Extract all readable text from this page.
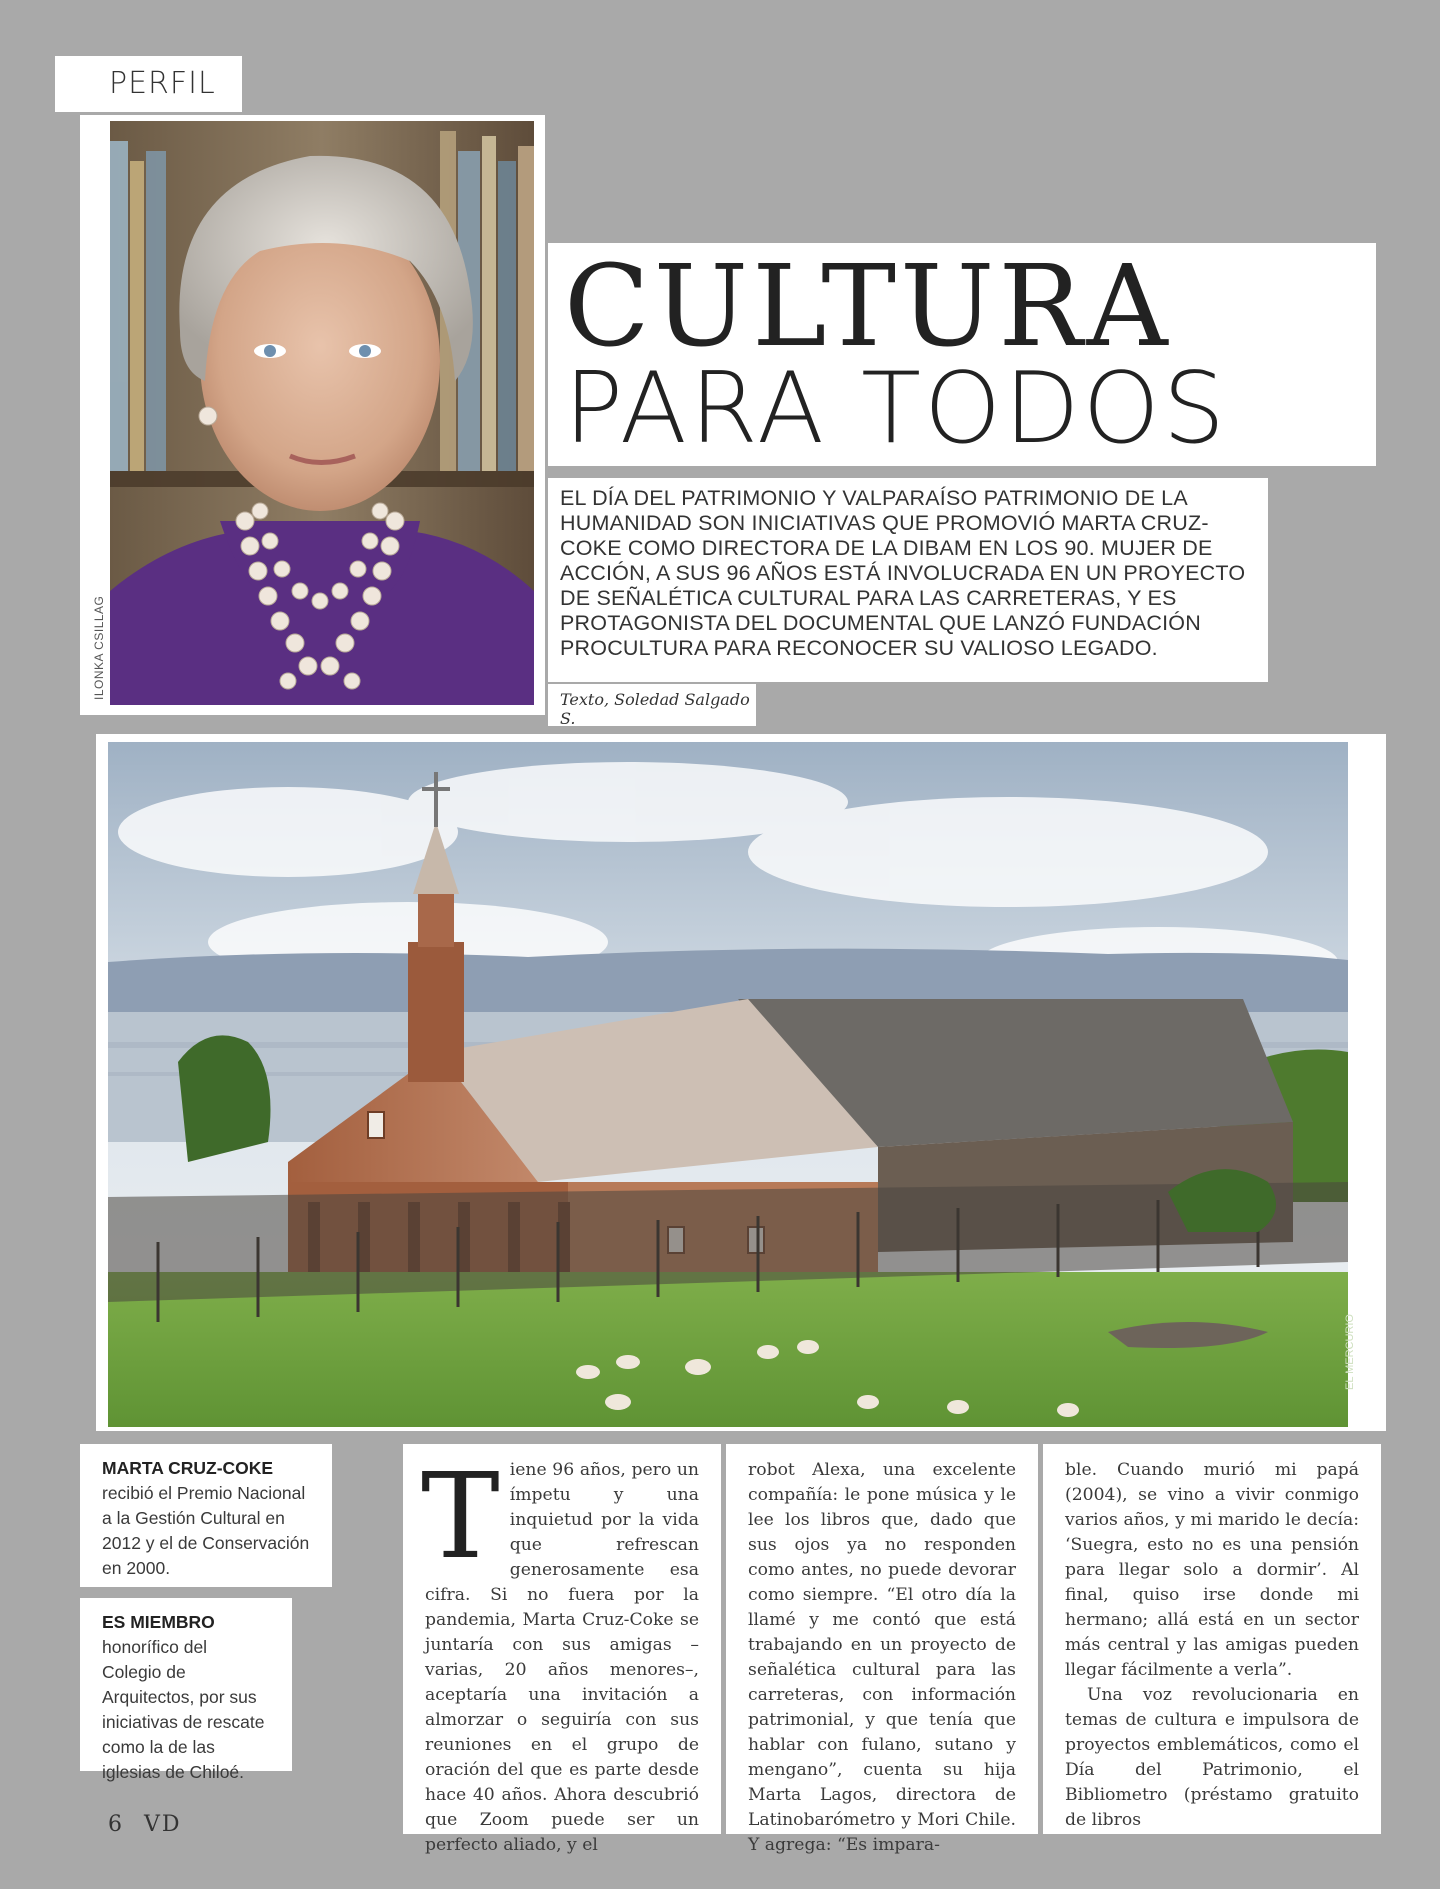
PERFIL
ILONKA CSILLAG
CULTURA
PARA TODOS
EL DÍA DEL PATRIMONIO Y VALPARAÍSO PATRIMONIO DE LA HUMANIDAD SON INICIATIVAS QUE PROMOVIÓ MARTA CRUZ-COKE COMO DIRECTORA DE LA DIBAM EN LOS 90. MUJER DE ACCIÓN, A SUS 96 AÑOS ESTÁ INVOLUCRADA EN UN PROYECTO DE SEÑALÉTICA CULTURAL PARA LAS CARRETERAS, Y ES PROTAGONISTA DEL DOCUMENTAL QUE LANZÓ FUNDACIÓN PROCULTURA PARA RECONOCER SU VALIOSO LEGADO.
Texto, Soledad Salgado S.
EL MERCURIO
MARTA CRUZ-COKE
recibió el Premio Nacional a la Gestión Cultural en 2012 y el de Conservación en 2000.
ES MIEMBRO
honorífico del Colegio de Arquitectos, por sus iniciativas de rescate como la de las iglesias de Chiloé.
T iene 96 años, pero un ímpetu y una inquietud por la vida que refrescan generosamente esa cifra. Si no fuera por la pandemia, Marta Cruz-Coke se juntaría con sus amigas –varias, 20 años menores–, aceptaría una invitación a almorzar o seguiría con sus reuniones en el grupo de oración del que es parte desde hace 40 años. Ahora descubrió que Zoom puede ser un perfecto aliado, y el

robot Alexa, una excelente compañía: le pone música y le lee los libros que, dado que sus ojos ya no responden como antes, no puede devorar como siempre. “El otro día la llamé y me contó que está trabajando en un proyecto de señalética cultural para las carreteras, con información patrimonial, y que tenía que hablar con fulano, sutano y mengano”, cuenta su hija Marta Lagos, directora de Latinobarómetro y Mori Chile. Y agrega: “Es impara-

ble. Cuando murió mi papá (2004), se vino a vivir conmigo varios años, y mi marido le decía: ‘Suegra, esto no es una pensión para llegar solo a dormir’. Al final, quiso irse donde mi hermano; allá está en un sector más central y las amigas pueden llegar fácilmente a verla”.

Una voz revolucionaria en temas de cultura e impulsora de proyectos emblemáticos, como el Día del Patrimonio, el Bibliometro (préstamo gratuito de libros

6 VD
